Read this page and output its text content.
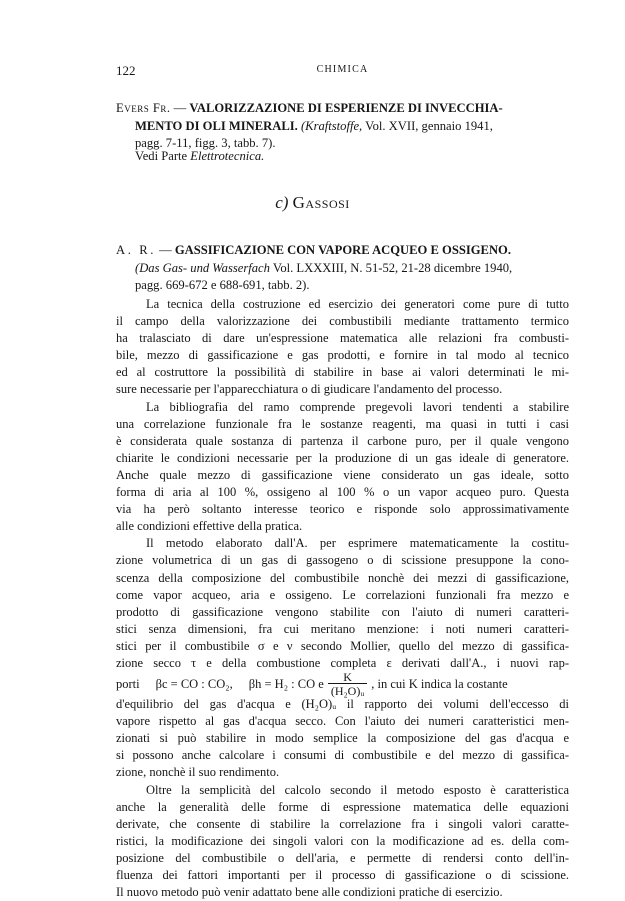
122	CHIMICA
Evers Fr. — VALORIZZAZIONE DI ESPERIENZE DI INVECCHIA-
MENTO DI OLI MINERALI. (Kraftstoffe, Vol. XVII, gennaio 1941,
pagg. 7-11, figg. 3, tabb. 7).
Vedi Parte Elettrotecnica.
c) Gassosi
A. R. — GASSIFICAZIONE CON VAPORE ACQUEO E OSSIGENO.
(Das Gas- und Wasserfach Vol. LXXXIII, N. 51-52, 21-28 dicembre 1940,
pagg. 669-672 e 688-691, tabb. 2).
La tecnica della costruzione ed esercizio dei generatori come pure di tutto
il campo della valorizzazione dei combustibili mediante trattamento termico
ha tralasciato di dare un'espressione matematica alle relazioni fra combusti-
bile, mezzo di gassificazione e gas prodotti, e fornire in tal modo al tecnico
ed al costruttore la possibilità di stabilire in base ai valori determinati le mi-
sure necessarie per l'apparecchiatura o di giudicare l'andamento del processo.
La bibliografia del ramo comprende pregevoli lavori tendenti a stabilire
una correlazione funzionale fra le sostanze reagenti, ma quasi in tutti i casi
è considerata quale sostanza di partenza il carbone puro, per il quale vengono
chiarite le condizioni necessarie per la produzione di un gas ideale di generatore.
Anche quale mezzo di gassificazione viene considerato un gas ideale, sotto
forma di aria al 100 %, ossigeno al 100 % o un vapor acqueo puro. Questa
via ha però soltanto interesse teorico e risponde solo approssimativamente
alle condizioni effettive della pratica.
Il metodo elaborato dall'A. per esprimere matematicamente la costitu-
zione volumetrica di un gas di gassogeno o di scissione presuppone la cono-
scenza della composizione del combustibile nonchè dei mezzi di gassificazione,
come vapor acqueo, aria e ossigeno. Le correlazioni funzionali fra mezzo e
prodotto di gassificazione vengono stabilite con l'aiuto di numeri caratteri-
stici senza dimensioni, fra cui meritano menzione: i noti numeri caratteri-
stici per il combustibile σ e ν secondo Mollier, quello del mezzo di gassifica-
zione secco τ e della combustione completa ε derivati dall'A., i nuovi rap-
porti βc = CO : CO₂, βh = H₂ : CO e $\frac{K}{\text{(H₂O)ᵤ}}$ , in cui K indica la costante
d'equilibrio del gas d'acqua e (H₂O)ᵤ il rapporto dei volumi dell'eccesso di
vapore rispetto al gas d'acqua secco. Con l'aiuto dei numeri caratteristici men-
zionati si può stabilire in modo semplice la composizione del gas d'acqua e
si possono anche calcolare i consumi di combustibile e del mezzo di gassifica-
zione, nonchè il suo rendimento.
Oltre la semplicità del calcolo secondo il metodo esposto è caratteristica
anche la generalità delle forme di espressione matematica delle equazioni
derivate, che consente di stabilire la correlazione fra i singoli valori caratte-
ristici, la modificazione dei singoli valori con la modificazione ad es. della com-
posizione del combustibile o dell'aria, e permette di rendersi conto dell'in-
fluenza dei fattori importanti per il processo di gassificazione o di scissione.
Il nuovo metodo può venir adattato bene alle condizioni pratiche di esercizio.
